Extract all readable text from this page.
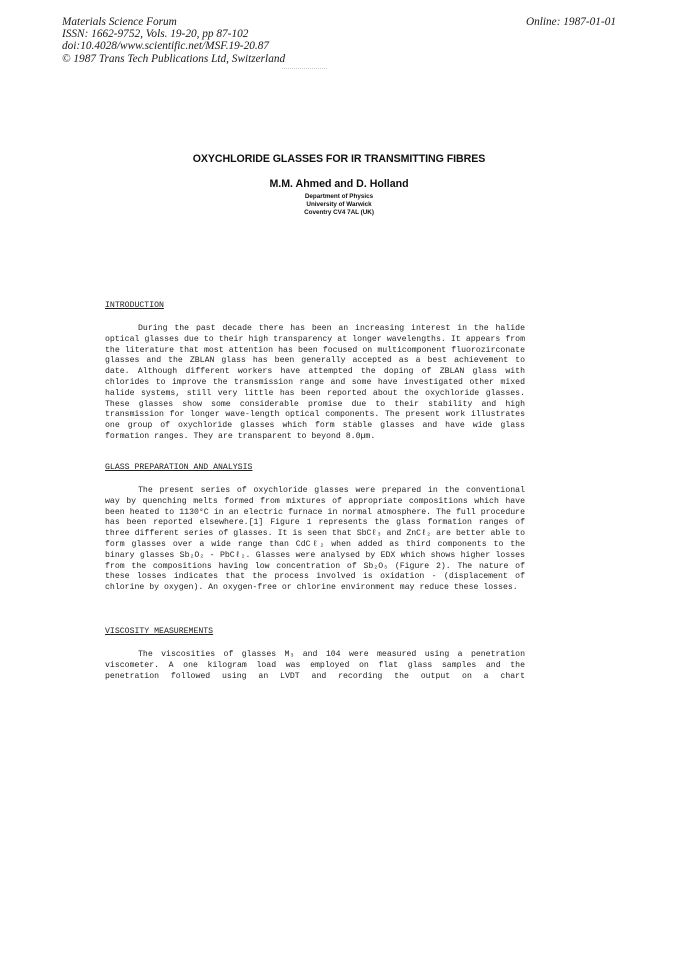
Materials Science Forum
ISSN: 1662-9752, Vols. 19-20, pp 87-102
doi:10.4028/www.scientific.net/MSF.19-20.87
© 1987 Trans Tech Publications Ltd, Switzerland
Online: 1987-01-01
OXYCHLORIDE GLASSES FOR IR TRANSMITTING FIBRES
M.M. Ahmed and D. Holland
Department of Physics
University of Warwick
Coventry CV4 7AL (UK)
INTRODUCTION
During the past decade there has been an increasing interest in the halide optical glasses due to their high transparency at longer wavelengths. It appears from the literature that most attention has been focused on multicomponent fluorozirconate glasses and the ZBLAN glass has been generally accepted as a best achievement to date. Although different workers have attempted the doping of ZBLAN glass with chlorides to improve the transmission range and some have investigated other mixed halide systems, still very little has been reported about the oxychloride glasses. These glasses show some considerable promise due to their stability and high transmission for longer wave-length optical components. The present work illustrates one group of oxychloride glasses which form stable glasses and have wide glass formation ranges. They are transparent to beyond 8.0µm.
GLASS PREPARATION AND ANALYSIS
The present series of oxychloride glasses were prepared in the conventional way by quenching melts formed from mixtures of appropriate compositions which have been heated to 1130°C in an electric furnace in normal atmosphere. The full procedure has been reported elsewhere.[1] Figure 1 represents the glass formation ranges of three different series of glasses. It is seen that SbCℓ₃ and ZnCℓ₂ are better able to form glasses over a wide range than CdCℓ₂ when added as third components to the binary glasses Sb₂O₂ - PbCℓ₂. Glasses were analysed by EDX which shows higher losses from the compositions having low concentration of Sb₂O₃ (Figure 2). The nature of these losses indicates that the process involved is oxidation - (displacement of chlorine by oxygen). An oxygen-free or chlorine environment may reduce these losses.
VISCOSITY MEASUREMENTS
The viscosities of glasses M₃ and 104 were measured using a penetration viscometer. A one kilogram load was employed on flat glass samples and the penetration followed using an LVDT and recording the output on a chart
